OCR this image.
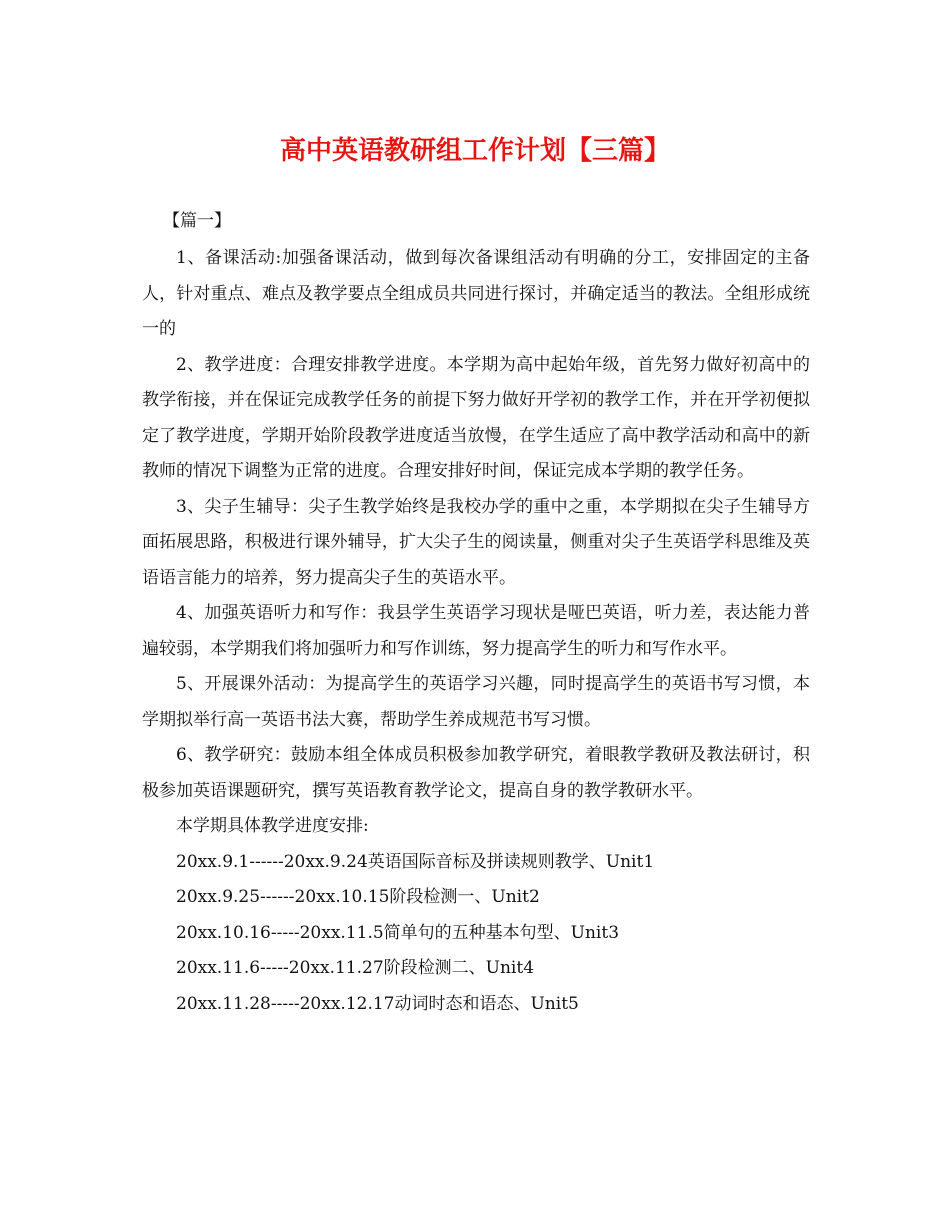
高中英语教研组工作计划【三篇】

【篇一】

1、备课活动:加强备课活动，做到每次备课组活动有明确的分工，安排固定的主备人，针对重点、难点及教学要点全组成员共同进行探讨，并确定适当的教法。全组形成统一的

2、教学进度：合理安排教学进度。本学期为高中起始年级，首先努力做好初高中的教学衔接，并在保证完成教学任务的前提下努力做好开学初的教学工作，并在开学初便拟定了教学进度，学期开始阶段教学进度适当放慢，在学生适应了高中教学活动和高中的新教师的情况下调整为正常的进度。合理安排好时间，保证完成本学期的教学任务。

3、尖子生辅导：尖子生教学始终是我校办学的重中之重，本学期拟在尖子生辅导方面拓展思路，积极进行课外辅导，扩大尖子生的阅读量，侧重对尖子生英语学科思维及英语语言能力的培养，努力提高尖子生的英语水平。

4、加强英语听力和写作：我县学生英语学习现状是哑巴英语，听力差，表达能力普遍较弱，本学期我们将加强听力和写作训练，努力提高学生的听力和写作水平。

5、开展课外活动：为提高学生的英语学习兴趣，同时提高学生的英语书写习惯，本学期拟举行高一英语书法大赛，帮助学生养成规范书写习惯。

6、教学研究：鼓励本组全体成员积极参加教学研究，着眼教学教研及教法研讨，积极参加英语课题研究，撰写英语教育教学论文，提高自身的教学教研水平。

本学期具体教学进度安排:

20xx.9.1------20xx.9.24英语国际音标及拼读规则教学、Unit1

20xx.9.25------20xx.10.15阶段检测一、Unit2

20xx.10.16-----20xx.11.5简单句的五种基本句型、Unit3

20xx.11.6-----20xx.11.27阶段检测二、Unit4

20xx.11.28-----20xx.12.17动词时态和语态、Unit5
